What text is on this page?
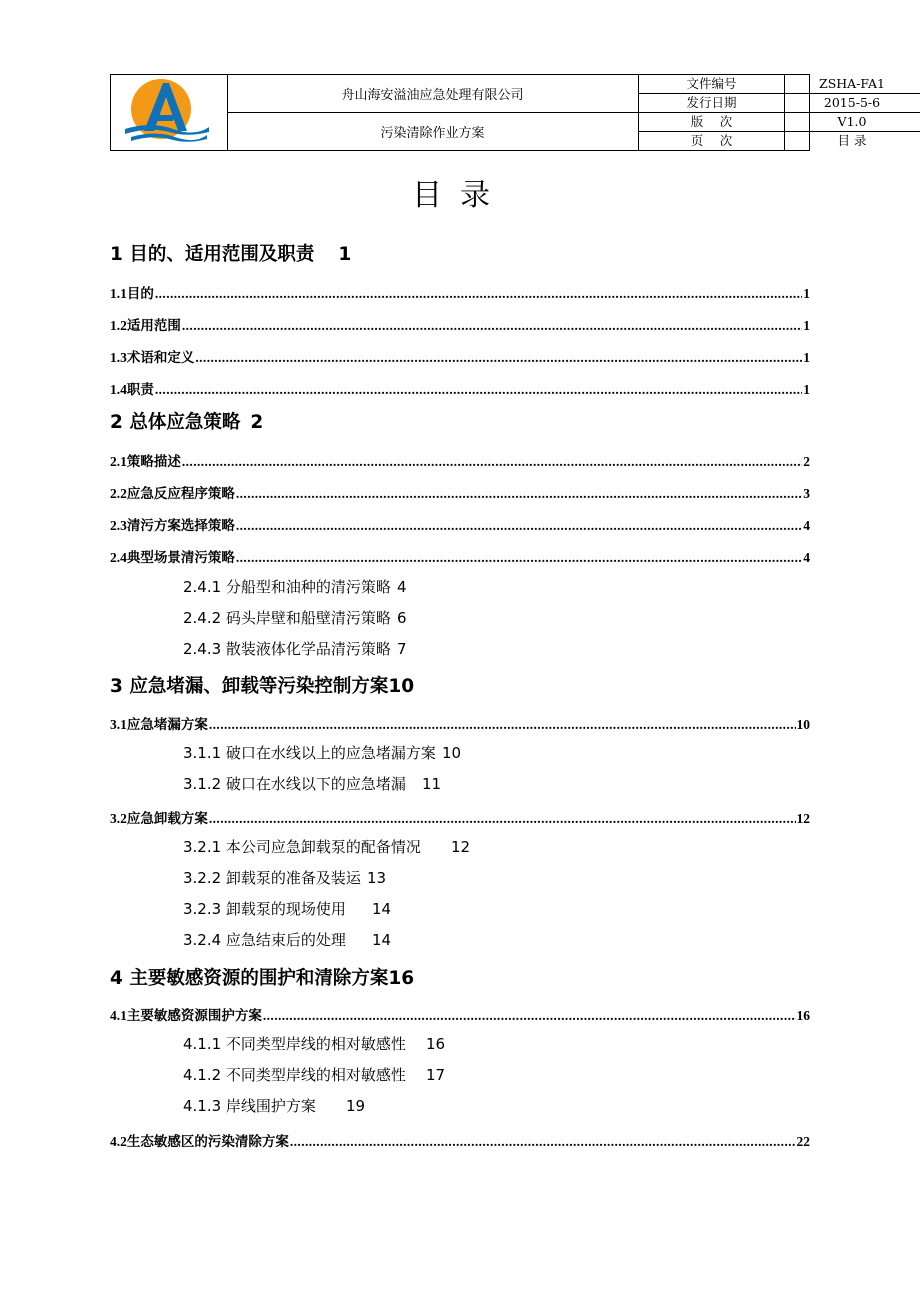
舟山海安溢油应急处理有限公司
污染清除作业方案
文件编号	ZSHA-FA1
发行日期	2015-5-6
版　 次	V1.0
页　 次	目 录
目录
1 目的、适用范围及职责 1
1.1 目的 .....	1
1.2 适用范围 .....	1
1.3 术语和定义 .....	1
1.4 职责 .....	1
2 总体应急策略 2
2.1 策略描述 .....	2
2.2 应急反应程序策略 .....	3
2.3 清污方案选择策略 .....	4
2.4 典型场景清污策略 .....	4
2.4.1 分船型和油种的清污策略 4
2.4.2 码头岸壁和船壁清污策略 6
2.4.3 散装液体化学品清污策略 7
3 应急堵漏、卸载等污染控制方案10
3.1 应急堵漏方案 .....	10
3.1.1 破口在水线以上的应急堵漏方案 10
3.1.2 破口在水线以下的应急堵漏 11
3.2 应急卸载方案 .....	12
3.2.1 本公司应急卸载泵的配备情况 12
3.2.2 卸载泵的准备及装运 13
3.2.3 卸载泵的现场使用 14
3.2.4 应急结束后的处理 14
4 主要敏感资源的围护和清除方案16
4.1 主要敏感资源围护方案 .....	16
4.1.1 不同类型岸线的相对敏感性 16
4.1.2 不同类型岸线的相对敏感性 17
4.1.3 岸线围护方案 19
4.2 生态敏感区的污染清除方案 .....	22
